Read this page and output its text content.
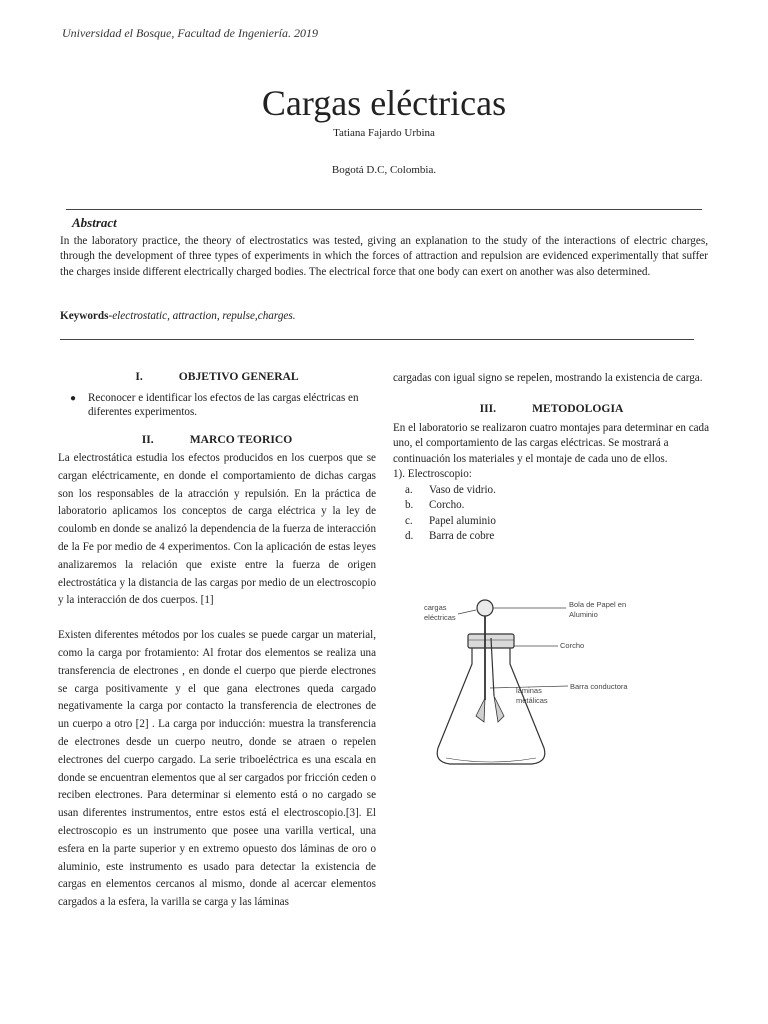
Universidad el Bosque, Facultad de Ingeniería. 2019
Cargas eléctricas
Tatiana Fajardo Urbina
Bogotá D.C, Colombia.
Abstract
In the laboratory practice, the theory of electrostatics was tested, giving an explanation to the study of the interactions of electric charges, through the development of three types of experiments in which the forces of attraction and repulsion are evidenced experimentally that suffer the charges inside different electrically charged bodies. The electrical force that one body can exert on another was also determined.
Keywords-electrostatic, attraction, repulse,charges.

I.	OBJETIVO GENERAL

●	Reconocer e identificar los efectos de las cargas eléctricas en diferentes experimentos.

II.	MARCO TEORICO

La electrostática estudia los efectos producidos en los cuerpos que se cargan eléctricamente, en donde el comportamiento de dichas cargas son los responsables de la atracción y repulsión. En la práctica de laboratorio aplicamos los conceptos de carga eléctrica y la ley de coulomb en donde se analizó la dependencia de la fuerza de interacción de la Fe por medio de 4 experimentos. Con la aplicación de estas leyes analizaremos la relación que existe entre la fuerza de origen electrostática y la distancia de las cargas por medio de un electroscopio y la interacción de dos cuerpos. [1]

Existen diferentes métodos por los cuales se puede cargar un material, como la carga por frotamiento: Al frotar dos elementos se realiza una transferencia de electrones , en donde el cuerpo que pierde electrones se carga positivamente y el que gana electrones queda cargado negativamente la carga por contacto la transferencia de electrones de un cuerpo a otro [2] . La carga por inducción: muestra la transferencia de electrones desde un cuerpo neutro, donde se atraen o repelen electrones del cuerpo cargado. La serie triboeléctrica es una escala en donde se encuentran elementos que al ser cargados por fricción ceden o reciben electrones. Para determinar si elemento está o no cargado se usan diferentes instrumentos, entre estos está el electroscopio.[3]. El electroscopio es un instrumento que posee una varilla vertical, una esfera en la parte superior y en extremo opuesto dos láminas de oro o aluminio, este instrumento es usado para detectar la existencia de cargas en elementos cercanos al mismo, donde al acercar elementos cargados a la esfera, la varilla se carga y las láminas

cargadas con igual signo se repelen, mostrando la existencia de carga.

III.	METODOLOGIA

En el laboratorio se realizaron cuatro montajes para determinar en cada uno, el comportamiento de las cargas eléctricas. Se mostrará a continuación los materiales y el montaje de cada uno de ellos.

1). Electroscopio:

a.	Vaso de vidrio.
b.	Corcho.
c.	Papel aluminio
d.	Barra de cobre
cargas
eléctricas
Bola de Papel en
Aluminio
Corcho
Barra conductora
láminas
metálicas
